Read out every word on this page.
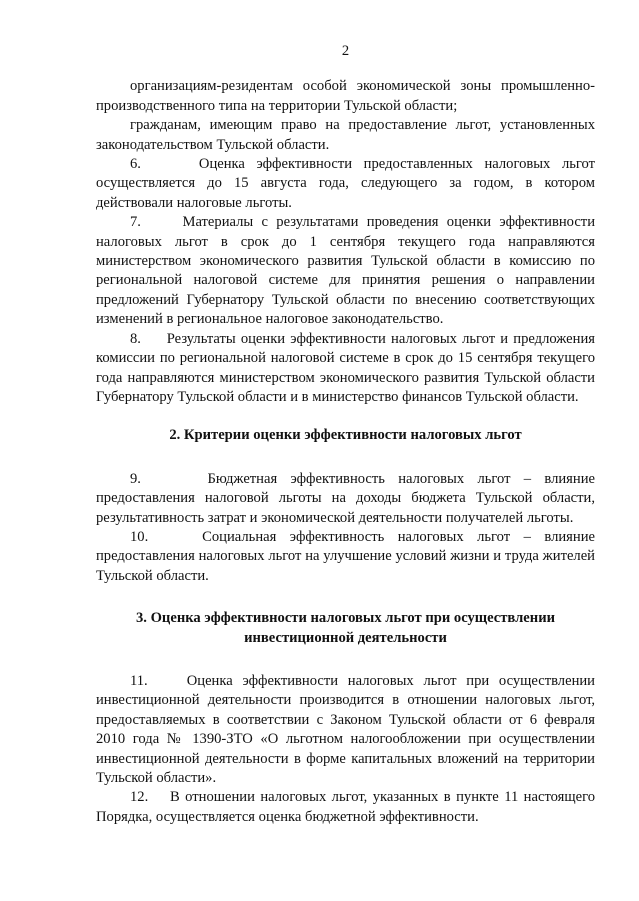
2

организациям-резидентам особой экономической зоны промышленно-производственного типа на территории Тульской области;

гражданам, имеющим право на предоставление льгот, установленных законодательством Тульской области.

6.     Оценка эффективности предоставленных налоговых льгот осуществляется до 15 августа года, следующего за годом, в котором действовали налоговые льготы.

7.     Материалы с результатами проведения оценки эффективности налоговых льгот в срок до 1 сентября текущего года направляются министерством экономического развития Тульской области в комиссию по региональной налоговой системе для принятия решения о направлении предложений Губернатору Тульской области по внесению соответствующих изменений в региональное налоговое законодательство.

8.     Результаты оценки эффективности налоговых льгот и предложения комиссии по региональной налоговой системе в срок до 15 сентября текущего года направляются министерством экономического развития Тульской области Губернатору Тульской области и в министерство финансов Тульской области.

2. Критерии оценки эффективности налоговых льгот

9.     Бюджетная эффективность налоговых льгот – влияние предоставления налоговой льготы на доходы бюджета Тульской области, результативность затрат и экономической деятельности получателей льготы.

10.    Социальная эффективность налоговых льгот – влияние предоставления налоговых льгот на улучшение условий жизни и труда жителей Тульской области.

3. Оценка эффективности налоговых льгот при осуществлении
инвестиционной деятельности

11.    Оценка эффективности налоговых льгот при осуществлении инвестиционной деятельности производится в отношении налоговых льгот, предоставляемых в соответствии с Законом Тульской области от 6 февраля 2010 года № 1390-ЗТО «О льготном налогообложении при осуществлении инвестиционной деятельности в форме капитальных вложений на территории Тульской области».

12.    В отношении налоговых льгот, указанных в пункте 11 настоящего Порядка, осуществляется оценка бюджетной эффективности.
